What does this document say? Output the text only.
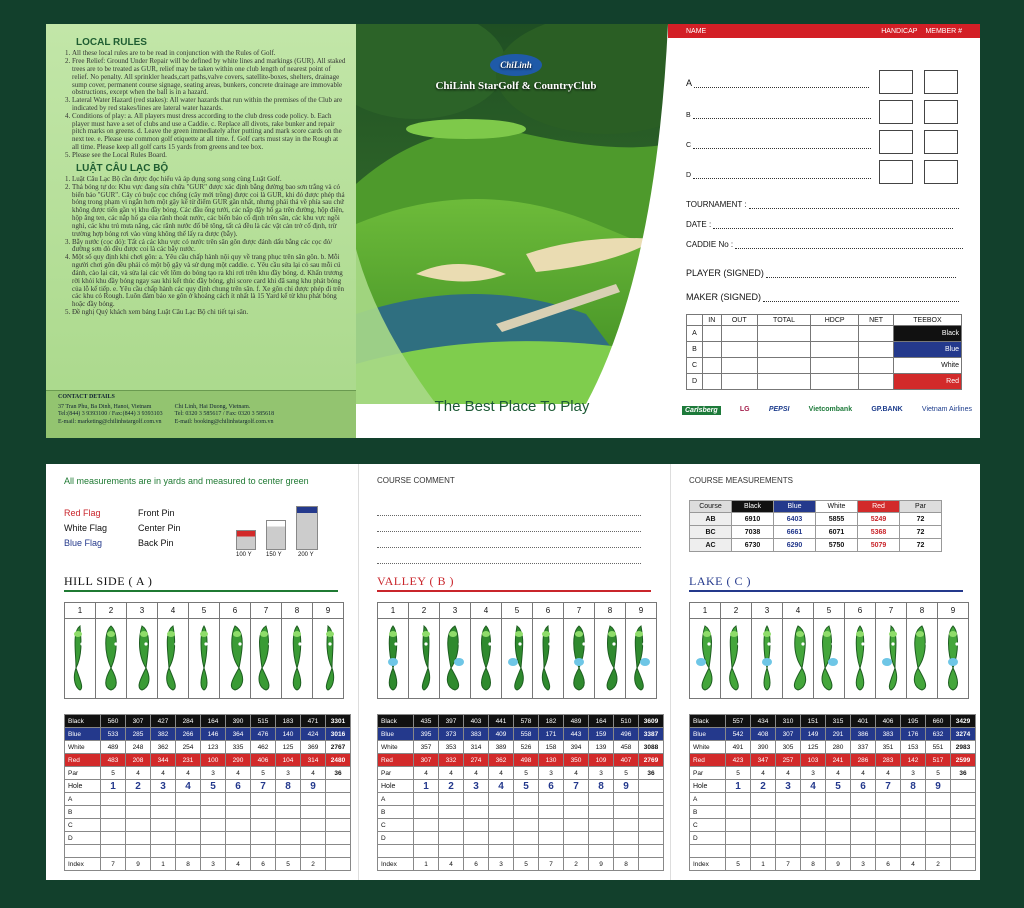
LOCAL RULES
1. All these local rules are to be read in conjunction with the Rules of Golf.
2. Free Relief: Ground Under Repair will be defined by white lines and markings (GUR). All staked trees are to be treated as GUR, relief may be taken within one club length of nearest point of relief. No penalty. All sprinkler heads,cart paths,valve covers, satellite-boxes, shelters, drainage sump cover, permanent course signage, seating areas, bunkers, concrete drainage are immovable obstructions, except when the ball is in a hazard.
3. Lateral Water Hazard (red stakes): All water hazards that run within the premises of the Club are indicated by red stakes/lines are lateral water hazards.
4. Conditions of play: a. All players must dress according to the club dress code policy. b. Each player must have a set of clubs and use a Caddie. c. Replace all divots, rake bunker and repair pitch marks on greens. d. Leave the green immediately after putting and mark score cards on the next tee. e. Please use common golf etiquette at all time. f. Golf carts must stay in the Rough at all time. Please keep all golf carts 15 yards from greens and tee box.
5. Please see the Local Rules Board.
LUẬT CÂU LẠC BỘ
1. Luật Câu Lạc Bộ cần được đọc hiểu và áp dụng song song cùng Luật Golf.
2. Thả bóng tự do: Khu vực đang sửa chữa "GUR" được xác định bằng đường bao sơn trắng và có biển báo "GUR". Cây có buộc cọc chống (cây mới trồng) được coi là GUR, khi đó được phép thả bóng trong phạm vi ngắn hơn một gậy kể từ điểm GUR gần nhất, nhưng phải thả về phía sau chứ không được tiến gần vị khu đầy bóng. Các đầu ống tưới, các nắp đậy hố ga trên đường, hộp điện, hộp ăng ten, các nắp hố ga của rãnh thoát nước, các biển báo cố định trên sân, các khu vực ngồi nghỉ, các khu trú mưa nắng, các rãnh nước đổ bê tông, tất cả đều là các vật cản trở cố định, trừ trường hợp bóng rơi vào vùng không thể lấy ra được (bẫy).
3. Bẫy nước (cọc đỏ): Tất cả các khu vực có nước trên sân gôn được đánh dấu bằng các cọc đỏ/đường sơn đỏ đều được coi là các bẫy nước.
4. Một số quy định khi chơi gôn: a. Yêu cầu chấp hành nội quy về trang phục trên sân gôn. b. Mỗi người chơi gôn đều phải có một bộ gậy và sử dụng một caddie. c. Yêu cầu sửa lại cỏ sau mỗi cú đánh, cào lại cát, và sửa lại các vết lõm do bóng tạo ra khi rơi trên khu đầy bóng. d. Khẩn trương rời khỏi khu đầy bóng ngay sau khi kết thúc đầy bóng, ghi score card khi đã sang khu phát bóng của lỗ kế tiếp. e. Yêu cầu chấp hành các quy định chung trên sân. f. Xe gôn chỉ được phép đi trên các khu cỏ Rough. Luôn đảm bảo xe gôn ở khoảng cách ít nhất là 15 Yard kể từ khu phát bóng hoặc đầy bóng.
5. Đề nghị Quý khách xem bảng Luật Câu Lạc Bộ chi tiết tại sân.
CONTACT DETAILS
37 Tran Phu, Ba Dinh, Hanoi, Vietnam
Tel:(844) 3 9393100 / Fax:(844) 3 9393103
E-mail: marketing@chilinhstargolf.com.vn
Chi Linh, Hai Duong, Vietnam.
Tel: 0320 3 585617 / Fax: 0320 3 585618
E-mail: booking@chilinhstargolf.com.vn
ChiLinh
ChiLinh StarGolf & CountryClub
The Best Place To Play
NAME	HANDICAP MEMBER #
A
B
C
D
TOURNAMENT :
DATE :
CADDIE No :
PLAYER (SIGNED)
MAKER (SIGNED)
	IN	OUT	TOTAL	HDCP	NET	TEEBOX
A						Black
B						Blue
C						White
D						Red
Carlsberg	LG	PEPSI	Vietcombank	GP.BANK	Vietnam Airlines
All measurements are in yards and measured to center green
Red Flag	Front Pin
White Flag	Center Pin
Blue Flag	Back Pin
100 Y 150 Y	200 Y
HILL SIDE ( A )
1	2	3	4	5	6	7	8	9

Black	560	307	427	284	164	390	515	183	471	3301
Blue	533	285	382	266	146	364	476	140	424	3016
White	489	248	362	254	123	335	462	125	369	2767
Red	483	208	344	231	100	290	406	104	314	2480
Par	5	4	4	4	3	4	5	3	4	36
Hole	1	2	3	4	5	6	7	8	9	
A										
B										
C										
D										

Index	7	9	1	8	3	4	6	5	2	
COURSE COMMENT
VALLEY ( B )
1	2	3	4	5	6	7	8	9

Black	435	397	403	441	578	182	489	164	510	3609
Blue	395	373	383	409	558	171	443	159	496	3387
White	357	353	314	389	526	158	394	139	458	3088
Red	307	332	274	362	498	130	350	109	407	2769
Par	4	4	4	4	5	3	4	3	5	36
Hole	1	2	3	4	5	6	7	8	9	
A										
B										
C										
D										

Index	1	4	6	3	5	7	2	9	8	
COURSE MEASUREMENTS
Course	Black	Blue	White	Red	Par
AB	6910	6403	5855	5249	72
BC	7038	6661	6071	5368	72
AC	6730	6290	5750	5079	72
LAKE ( C )
1	2	3	4	5	6	7	8	9

Black	557	434	310	151	315	401	406	195	660	3429
Blue	542	408	307	149	291	386	383	176	632	3274
White	491	390	305	125	280	337	351	153	551	2983
Red	423	347	257	103	241	286	283	142	517	2599
Par	5	4	4	3	4	4	4	3	5	36
Hole	1	2	3	4	5	6	7	8	9	
A										
B										
C										
D										

Index	5	1	7	8	9	3	6	4	2	
